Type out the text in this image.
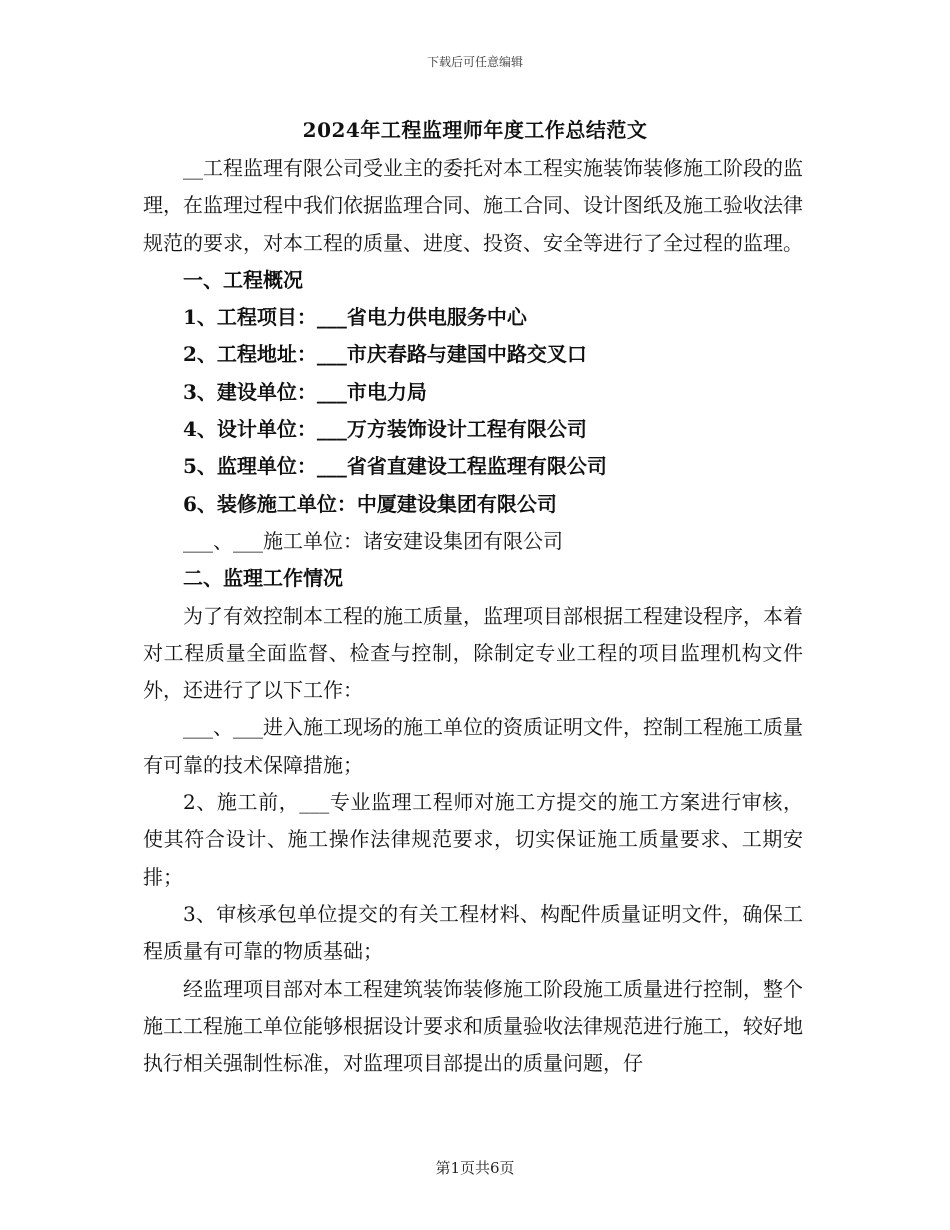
下载后可任意编辑
2024年工程监理师年度工作总结范文

__工程监理有限公司受业主的委托对本工程实施装饰装修施工阶段的监理，在监理过程中我们依据监理合同、施工合同、设计图纸及施工验收法律规范的要求，对本工程的质量、进度、投资、安全等进行了全过程的监理。

一、工程概况

1、工程项目：___省电力供电服务中心

2、工程地址：___市庆春路与建国中路交叉口

3、建设单位：___市电力局

4、设计单位：___万方装饰设计工程有限公司

5、监理单位：___省省直建设工程监理有限公司

6、装修施工单位：中厦建设集团有限公司

___、___施工单位：诸安建设集团有限公司

二、监理工作情况

为了有效控制本工程的施工质量，监理项目部根据工程建设程序，本着对工程质量全面监督、检查与控制，除制定专业工程的项目监理机构文件外，还进行了以下工作：

___、___进入施工现场的施工单位的资质证明文件，控制工程施工质量有可靠的技术保障措施；

2、施工前，___专业监理工程师对施工方提交的施工方案进行审核，使其符合设计、施工操作法律规范要求，切实保证施工质量要求、工期安排；

3、审核承包单位提交的有关工程材料、构配件质量证明文件，确保工程质量有可靠的物质基础；

经监理项目部对本工程建筑装饰装修施工阶段施工质量进行控制，整个施工工程施工单位能够根据设计要求和质量验收法律规范进行施工，较好地执行相关强制性标准，对监理项目部提出的质量问题，仔

第1页共6页
